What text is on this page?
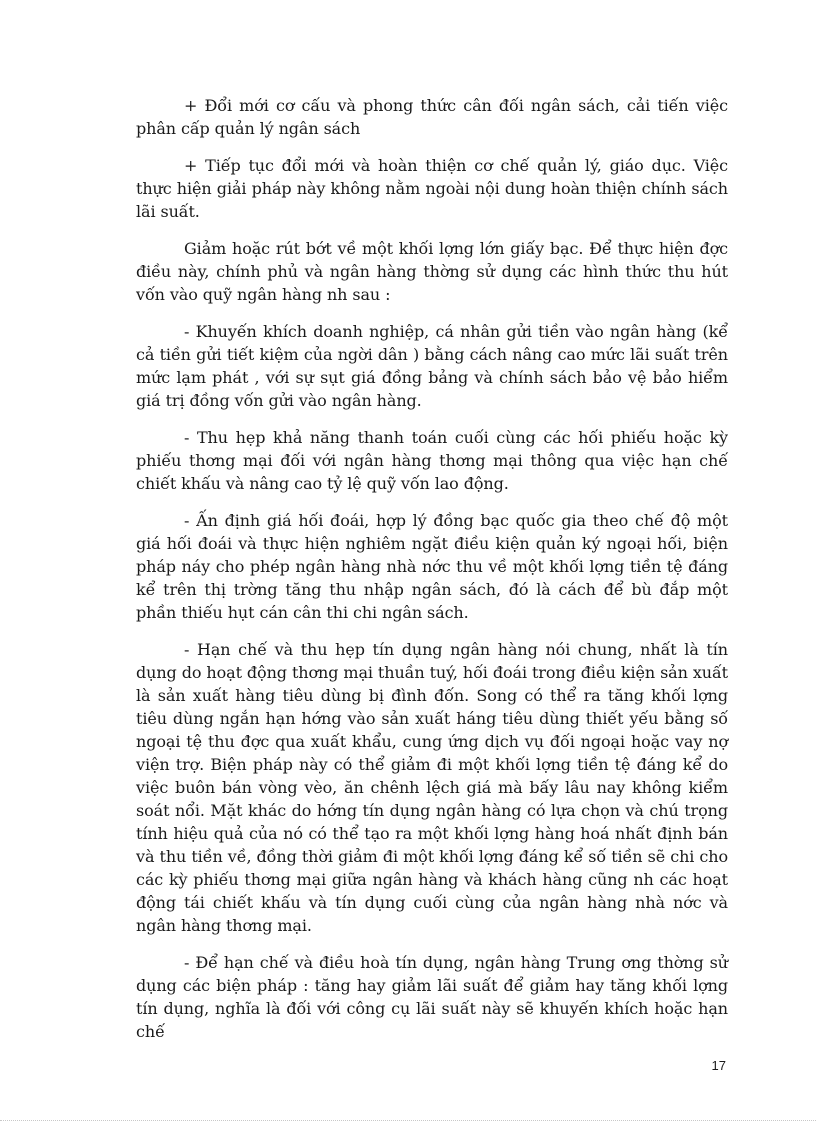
+ Đổi mới cơ cấu và phong thức cân đối ngân sách, cải tiến việc phân cấp quản lý ngân sách

+ Tiếp tục đổi mới và hoàn thiện cơ chế quản lý, giáo dục. Việc thực hiện giải pháp này không nằm ngoài nội dung hoàn thiện chính sách lãi suất.

Giảm hoặc rút bớt về một khối lợng lớn giấy bạc. Để thực hiện đợc điều này, chính phủ và ngân hàng thờng sử dụng các hình thức thu hút vốn vào quỹ ngân hàng nh sau :

- Khuyến khích doanh nghiệp, cá nhân gửi tiền vào ngân hàng (kể cả tiền gửi tiết kiệm của ngời dân ) bằng cách nâng cao mức lãi suất trên mức lạm phát , với sự sụt giá đồng bảng và chính sách bảo vệ bảo hiểm giá trị đồng vốn gửi vào ngân hàng.

- Thu hẹp khả năng thanh toán cuối cùng các hối phiếu hoặc kỳ phiếu thơng mại đối với ngân hàng thơng mại thông qua việc hạn chế chiết khấu và nâng cao tỷ lệ quỹ vốn lao động.

- Ấn định giá hối đoái, hợp lý đồng bạc quốc gia theo chế độ một giá hối đoái và thực hiện nghiêm ngặt điều kiện quản ký ngoại hối, biện pháp náy cho phép ngân hàng nhà nớc thu về một khối lợng tiền tệ đáng kể trên thị trờng tăng thu nhập ngân sách, đó là cách để bù đắp một phần thiếu hụt cán cân thi chi ngân sách.

- Hạn chế và thu hẹp tín dụng ngân hàng nói chung, nhất là tín dụng do hoạt động thơng mại thuần tuý, hối đoái trong điều kiện sản xuất là sản xuất hàng tiêu dùng bị đình đốn. Song có thể ra tăng khối lợng tiêu dùng ngắn hạn hớng vào sản xuất háng tiêu dùng thiết yếu bằng số ngoại tệ thu đợc qua xuất khẩu, cung ứng dịch vụ đối ngoại hoặc vay nợ viện trợ. Biện pháp này có thể giảm đi một khối lợng tiền tệ đáng kể do việc buôn bán vòng vèo, ăn chênh lệch giá mà bấy lâu nay không kiểm soát nổi. Mặt khác do hớng tín dụng ngân hàng có lựa chọn và chú trọng tính hiệu quả của nó có thể tạo ra một khối lợng hàng hoá nhất định bán và thu tiền về, đồng thời giảm đi một khối lợng đáng kể số tiền sẽ chi cho các kỳ phiếu thơng mại giữa ngân hàng và khách hàng cũng nh các hoạt động tái chiết khấu và tín dụng cuối cùng của ngân hàng nhà nớc và ngân hàng thơng mại.

- Để hạn chế và điều hoà tín dụng, ngân hàng Trung ơng thờng sử dụng các biện pháp : tăng hay giảm lãi suất để giảm hay tăng khối lợng tín dụng, nghĩa là đối với công cụ lãi suất này sẽ khuyến khích hoặc hạn chế

17
